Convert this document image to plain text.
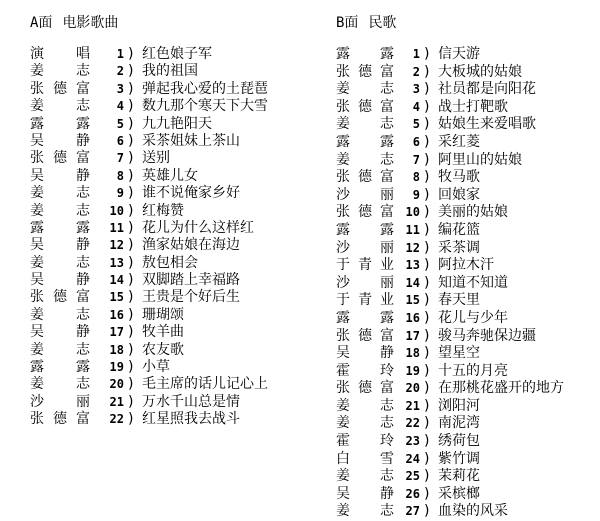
A面 电影歌曲
演唱	1 ) 红色娘子军
姜志	2 ) 我的祖国
张德富	3 ) 弹起我心爱的土琵琶
姜志	4 ) 数九那个寒天下大雪
露露	5 ) 九九艳阳天
吴静	6 ) 采茶姐妹上茶山
张德富	7 ) 送别
吴静	8 ) 英雄儿女
姜志	9 ) 谁不说俺家乡好
姜志	10 ) 红梅赞
露露	11 ) 花儿为什么这样红
吴静	12 ) 渔家姑娘在海边
姜志	13 ) 敖包相会
吴静	14 ) 双脚踏上幸福路
张德富	15 ) 王贵是个好后生
姜志	16 ) 珊瑚颂
吴静	17 ) 牧羊曲
姜志	18 ) 农友歌
露露	19 ) 小草
姜志	20 ) 毛主席的话儿记心上
沙丽	21 ) 万水千山总是情
张德富	22 ) 红星照我去战斗
B面 民歌
露露	1 ) 信天游
张德富	2 ) 大板城的姑娘
姜志	3 ) 社员都是向阳花
张德富	4 ) 战士打靶歌
姜志	5 ) 姑娘生来爱唱歌
露露	6 ) 采红菱
姜志	7 ) 阿里山的姑娘
张德富	8 ) 牧马歌
沙丽	9 ) 回娘家
张德富 10 ) 美丽的姑娘
露露 11 ) 编花篮
沙丽 12 ) 采茶调
于青业 13 ) 阿拉木汗
沙丽 14 ) 知道不知道
于青业 15 ) 春天里
露露 16 ) 花儿与少年
张德富 17 ) 骏马奔驰保边疆
吴静 18 ) 望星空
霍玲 19 ) 十五的月亮
张德富 20 ) 在那桃花盛开的地方
姜志 21 ) 浏阳河
姜志 22 ) 南泥湾
霍玲 23 ) 绣荷包
白雪 24 ) 紫竹调
姜志 25 ) 茉莉花
吴静 26 ) 采槟榔
姜志 27 ) 血染的风采
